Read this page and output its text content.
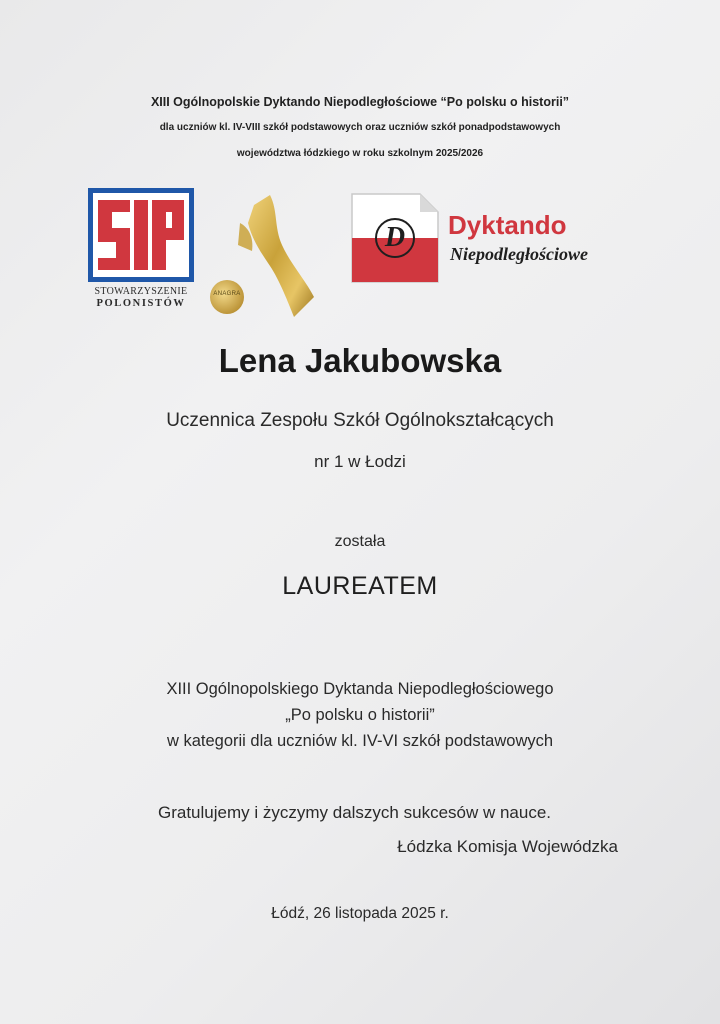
XIII Ogólnopolskie Dyktando Niepodległościowe “Po polsku o historii”
dla uczniów kl. IV-VIII szkół podstawowych oraz uczniów szkół ponadpodstawowych
województwa łódzkiego w roku szkolnym 2025/2026
STOWARZYSZENIE
POLONISTÓW
ANAGRA
D Dyktando
Niepodległościowe
Lena Jakubowska
Uczennica Zespołu Szkół Ogólnokształcących
nr 1 w Łodzi
została
LAUREATEM
XIII Ogólnopolskiego Dyktanda Niepodległościowego
„Po polsku o historii”
w kategorii dla uczniów kl. IV-VI szkół podstawowych
Gratulujemy i życzymy dalszych sukcesów w nauce.
Łódzka Komisja Wojewódzka
Łódź, 26 listopada 2025 r.
